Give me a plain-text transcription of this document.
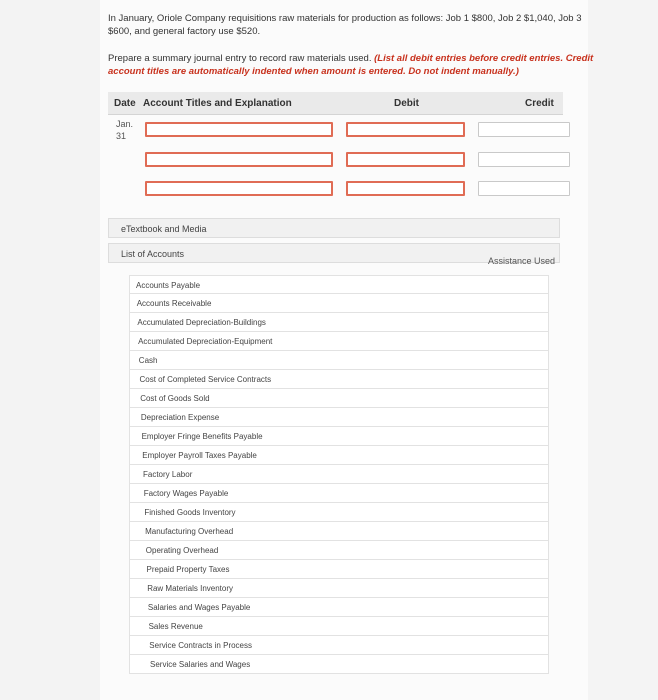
In January, Oriole Company requisitions raw materials for production as follows: Job 1 $800, Job 2 $1,040, Job 3 $600, and general factory use $520.
Prepare a summary journal entry to record raw materials used. (List all debit entries before credit entries. Credit account titles are automatically indented when amount is entered. Do not indent manually.)
Date Account Titles and Explanation	Debit	Credit
Jan.
31
eTextbook and Media
List of Accounts
Assistance Used
Accounts Payable
Accounts Receivable
Accumulated Depreciation-Buildings
Accumulated Depreciation-Equipment
Cash
Cost of Completed Service Contracts
Cost of Goods Sold
Depreciation Expense
Employer Fringe Benefits Payable
Employer Payroll Taxes Payable
Factory Labor
Factory Wages Payable
Finished Goods Inventory
Manufacturing Overhead
Operating Overhead
Prepaid Property Taxes
Raw Materials Inventory
Salaries and Wages Payable
Sales Revenue
Service Contracts in Process
Service Salaries and Wages
